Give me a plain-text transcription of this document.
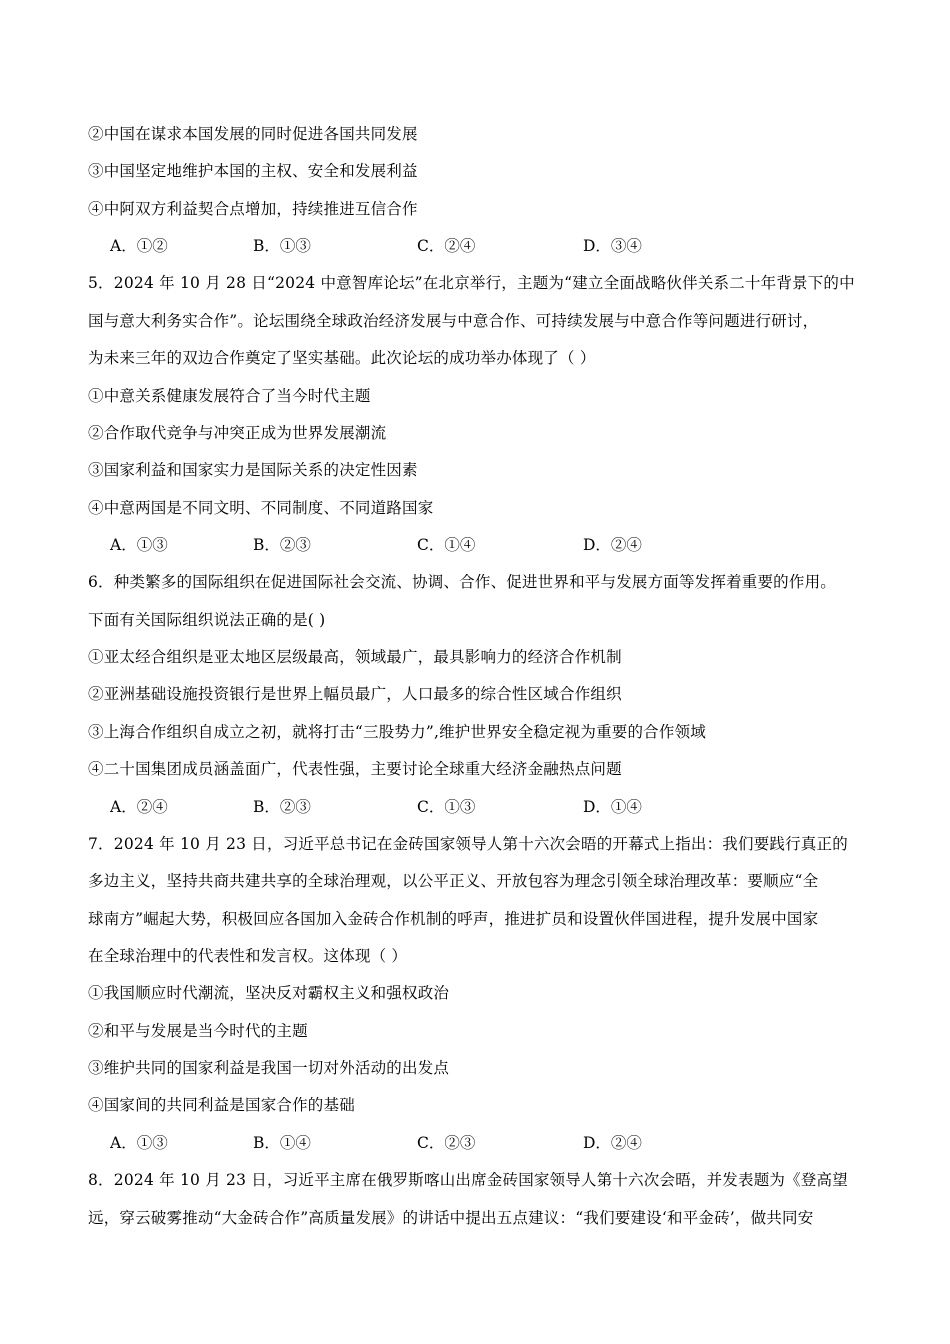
②中国在谋求本国发展的同时促进各国共同发展
③中国坚定地维护本国的主权、安全和发展利益
④中阿双方利益契合点增加，持续推进互信合作
A．①②	B．①③	C．②④	D．③④
5．2024 年 10 月 28 日“2024 中意智库论坛”在北京举行，主题为“建立全面战略伙伴关系二十年背景下的中
国与意大利务实合作”。论坛围绕全球政治经济发展与中意合作、可持续发展与中意合作等问题进行研讨，
为未来三年的双边合作奠定了坚实基础。此次论坛的成功举办体现了（ ）
①中意关系健康发展符合了当今时代主题
②合作取代竞争与冲突正成为世界发展潮流
③国家利益和国家实力是国际关系的决定性因素
④中意两国是不同文明、不同制度、不同道路国家
A．①③	B．②③	C．①④	D．②④
6．种类繁多的国际组织在促进国际社会交流、协调、合作、促进世界和平与发展方面等发挥着重要的作用。
下面有关国际组织说法正确的是( )
①亚太经合组织是亚太地区层级最高，领域最广，最具影响力的经济合作机制
②亚洲基础设施投资银行是世界上幅员最广，人口最多的综合性区域合作组织
③上海合作组织自成立之初，就将打击“三股势力”,维护世界安全稳定视为重要的合作领域
④二十国集团成员涵盖面广，代表性强，主要讨论全球重大经济金融热点问题
A．②④	B．②③	C．①③	D．①④
7．2024 年 10 月 23 日，习近平总书记在金砖国家领导人第十六次会晤的开幕式上指出：我们要践行真正的
多边主义，坚持共商共建共享的全球治理观，以公平正义、开放包容为理念引领全球治理改革：要顺应“全
球南方”崛起大势，积极回应各国加入金砖合作机制的呼声，推进扩员和设置伙伴国进程，提升发展中国家
在全球治理中的代表性和发言权。这体现（ ）
①我国顺应时代潮流，坚决反对霸权主义和强权政治
②和平与发展是当今时代的主题
③维护共同的国家利益是我国一切对外活动的出发点
④国家间的共同利益是国家合作的基础
A．①③	B．①④	C．②③	D．②④
8．2024 年 10 月 23 日，习近平主席在俄罗斯喀山出席金砖国家领导人第十六次会晤，并发表题为《登高望
远，穿云破雾推动“大金砖合作”高质量发展》的讲话中提出五点建议：“我们要建设‘和平金砖’，做共同安
